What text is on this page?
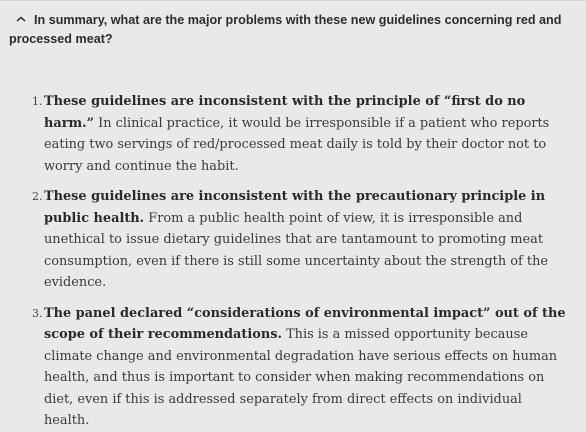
In summary, what are the major problems with these new guidelines concerning red and processed meat?
1. These guidelines are inconsistent with the principle of “first do no harm.” In clinical practice, it would be irresponsible if a patient who reports eating two servings of red/processed meat daily is told by their doctor not to worry and continue the habit.
2. These guidelines are inconsistent with the precautionary principle in public health. From a public health point of view, it is irresponsible and unethical to issue dietary guidelines that are tantamount to promoting meat consumption, even if there is still some uncertainty about the strength of the evidence.
3. The panel declared “considerations of environmental impact” out of the scope of their recommendations. This is a missed opportunity because climate change and environmental degradation have serious effects on human health, and thus is important to consider when making recommendations on diet, even if this is addressed separately from direct effects on individual health.
